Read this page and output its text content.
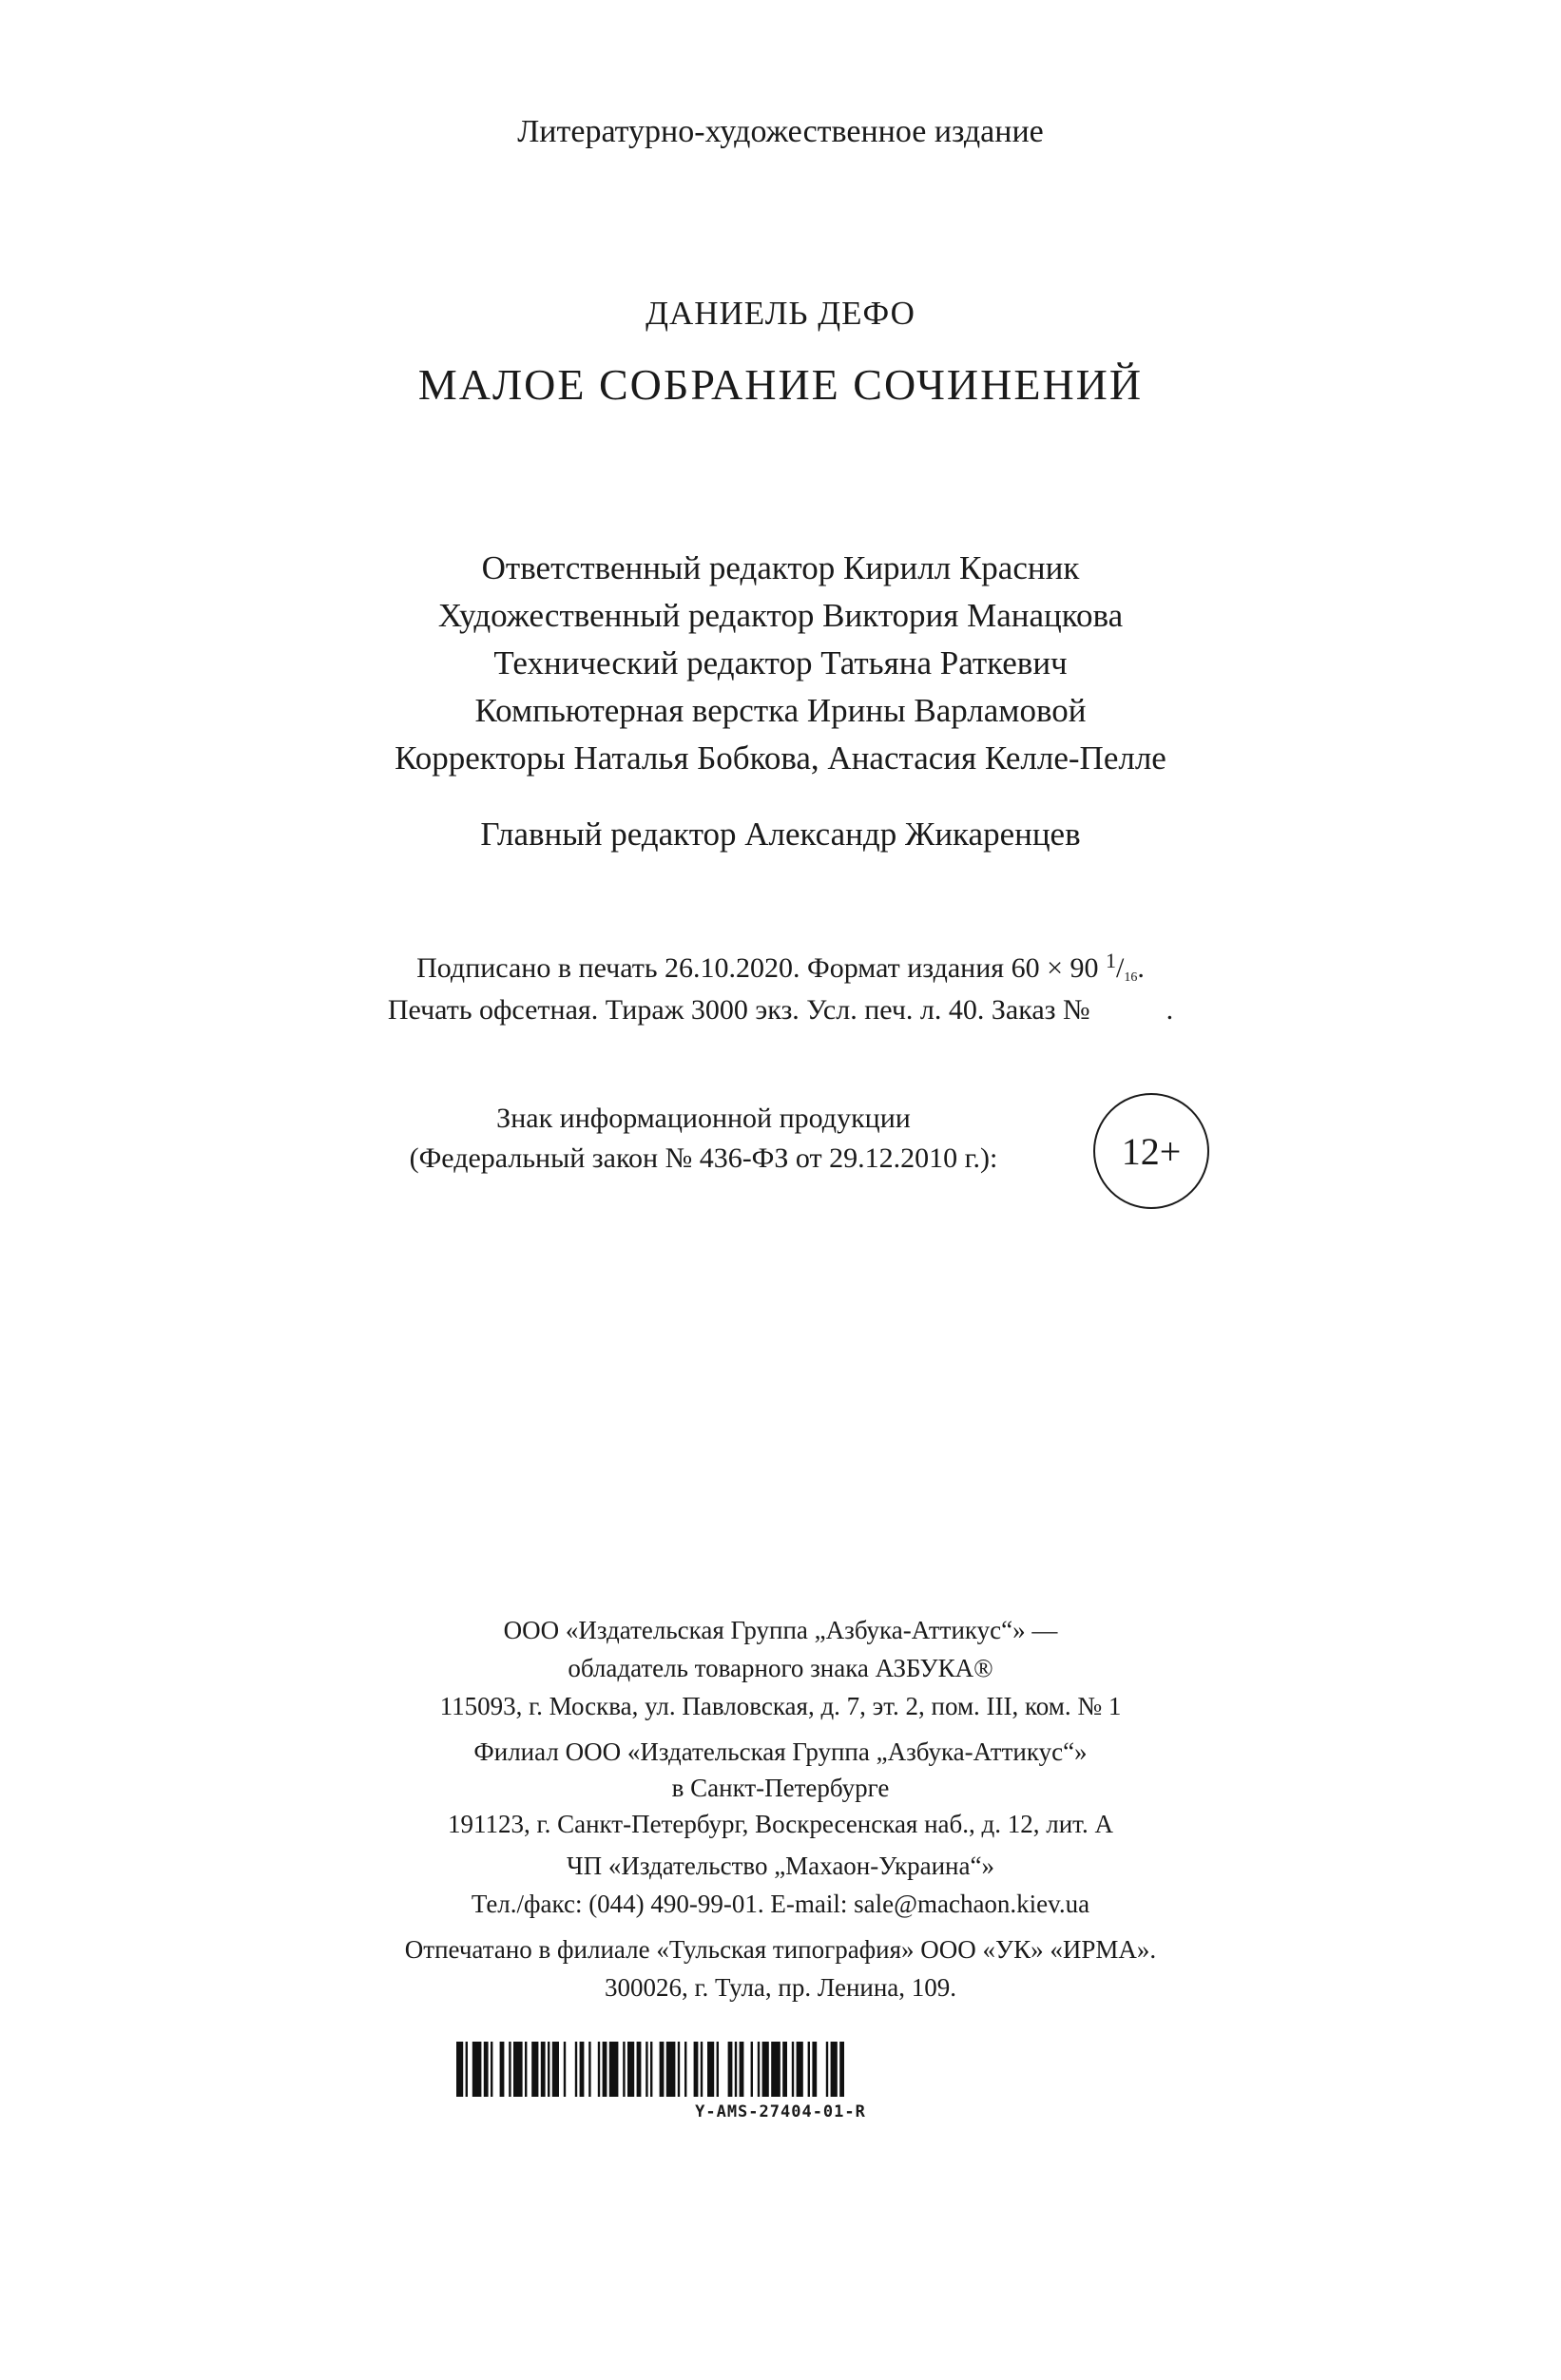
Литературно-художественное издание
ДАНИЕЛЬ ДЕФО
МАЛОЕ СОБРАНИЕ СОЧИНЕНИЙ
Ответственный редактор Кирилл Красник
Художественный редактор Виктория Манацкова
Технический редактор Татьяна Раткевич
Компьютерная верстка Ирины Варламовой
Корректоры Наталья Бобкова, Анастасия Келле-Пелле
Главный редактор Александр Жикаренцев
Подписано в печать 26.10.2020. Формат издания 60 × 90 $^1$/16.
Печать офсетная. Тираж 3000 экз. Усл. печ. л. 40. Заказ №	.
Знак информационной продукции
(Федеральный закон № 436-ФЗ от 29.12.2010 г.):	12+
ООО «Издательская Группа „Азбука-Аттикус“» —
обладатель товарного знака АЗБУКА®
115093, г. Москва, ул. Павловская, д. 7, эт. 2, пом. III, ком. № 1
Филиал ООО «Издательская Группа „Азбука-Аттикус“»
в Санкт-Петербурге
191123, г. Санкт-Петербург, Воскресенская наб., д. 12, лит. А
ЧП «Издательство „Махаон-Украина“»
Тел./факс: (044) 490-99-01. E-mail: sale@machaon.kiev.ua
Отпечатано в филиале «Тульская типография» ООО «УК» «ИРМА».
300026, г. Тула, пр. Ленина, 109.
Y-AMS-27404-01-R
